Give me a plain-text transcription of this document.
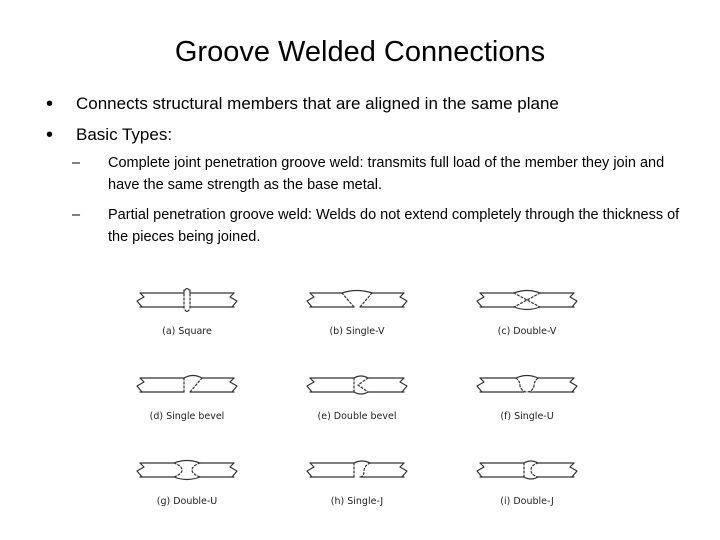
Groove Welded Connections
• Connects structural members that are aligned in the same plane
• Basic Types:
– Complete joint penetration groove weld: transmits full load of the member they join and have the same strength as the base metal.
– Partial penetration groove weld: Welds do not extend completely through the thickness of the pieces being joined.
(a) Square	(b) Single-V	(c) Double-V
(d) Single bevel	(e) Double bevel	(f) Single-U
(g) Double-U	(h) Single-J	(i) Double-J
